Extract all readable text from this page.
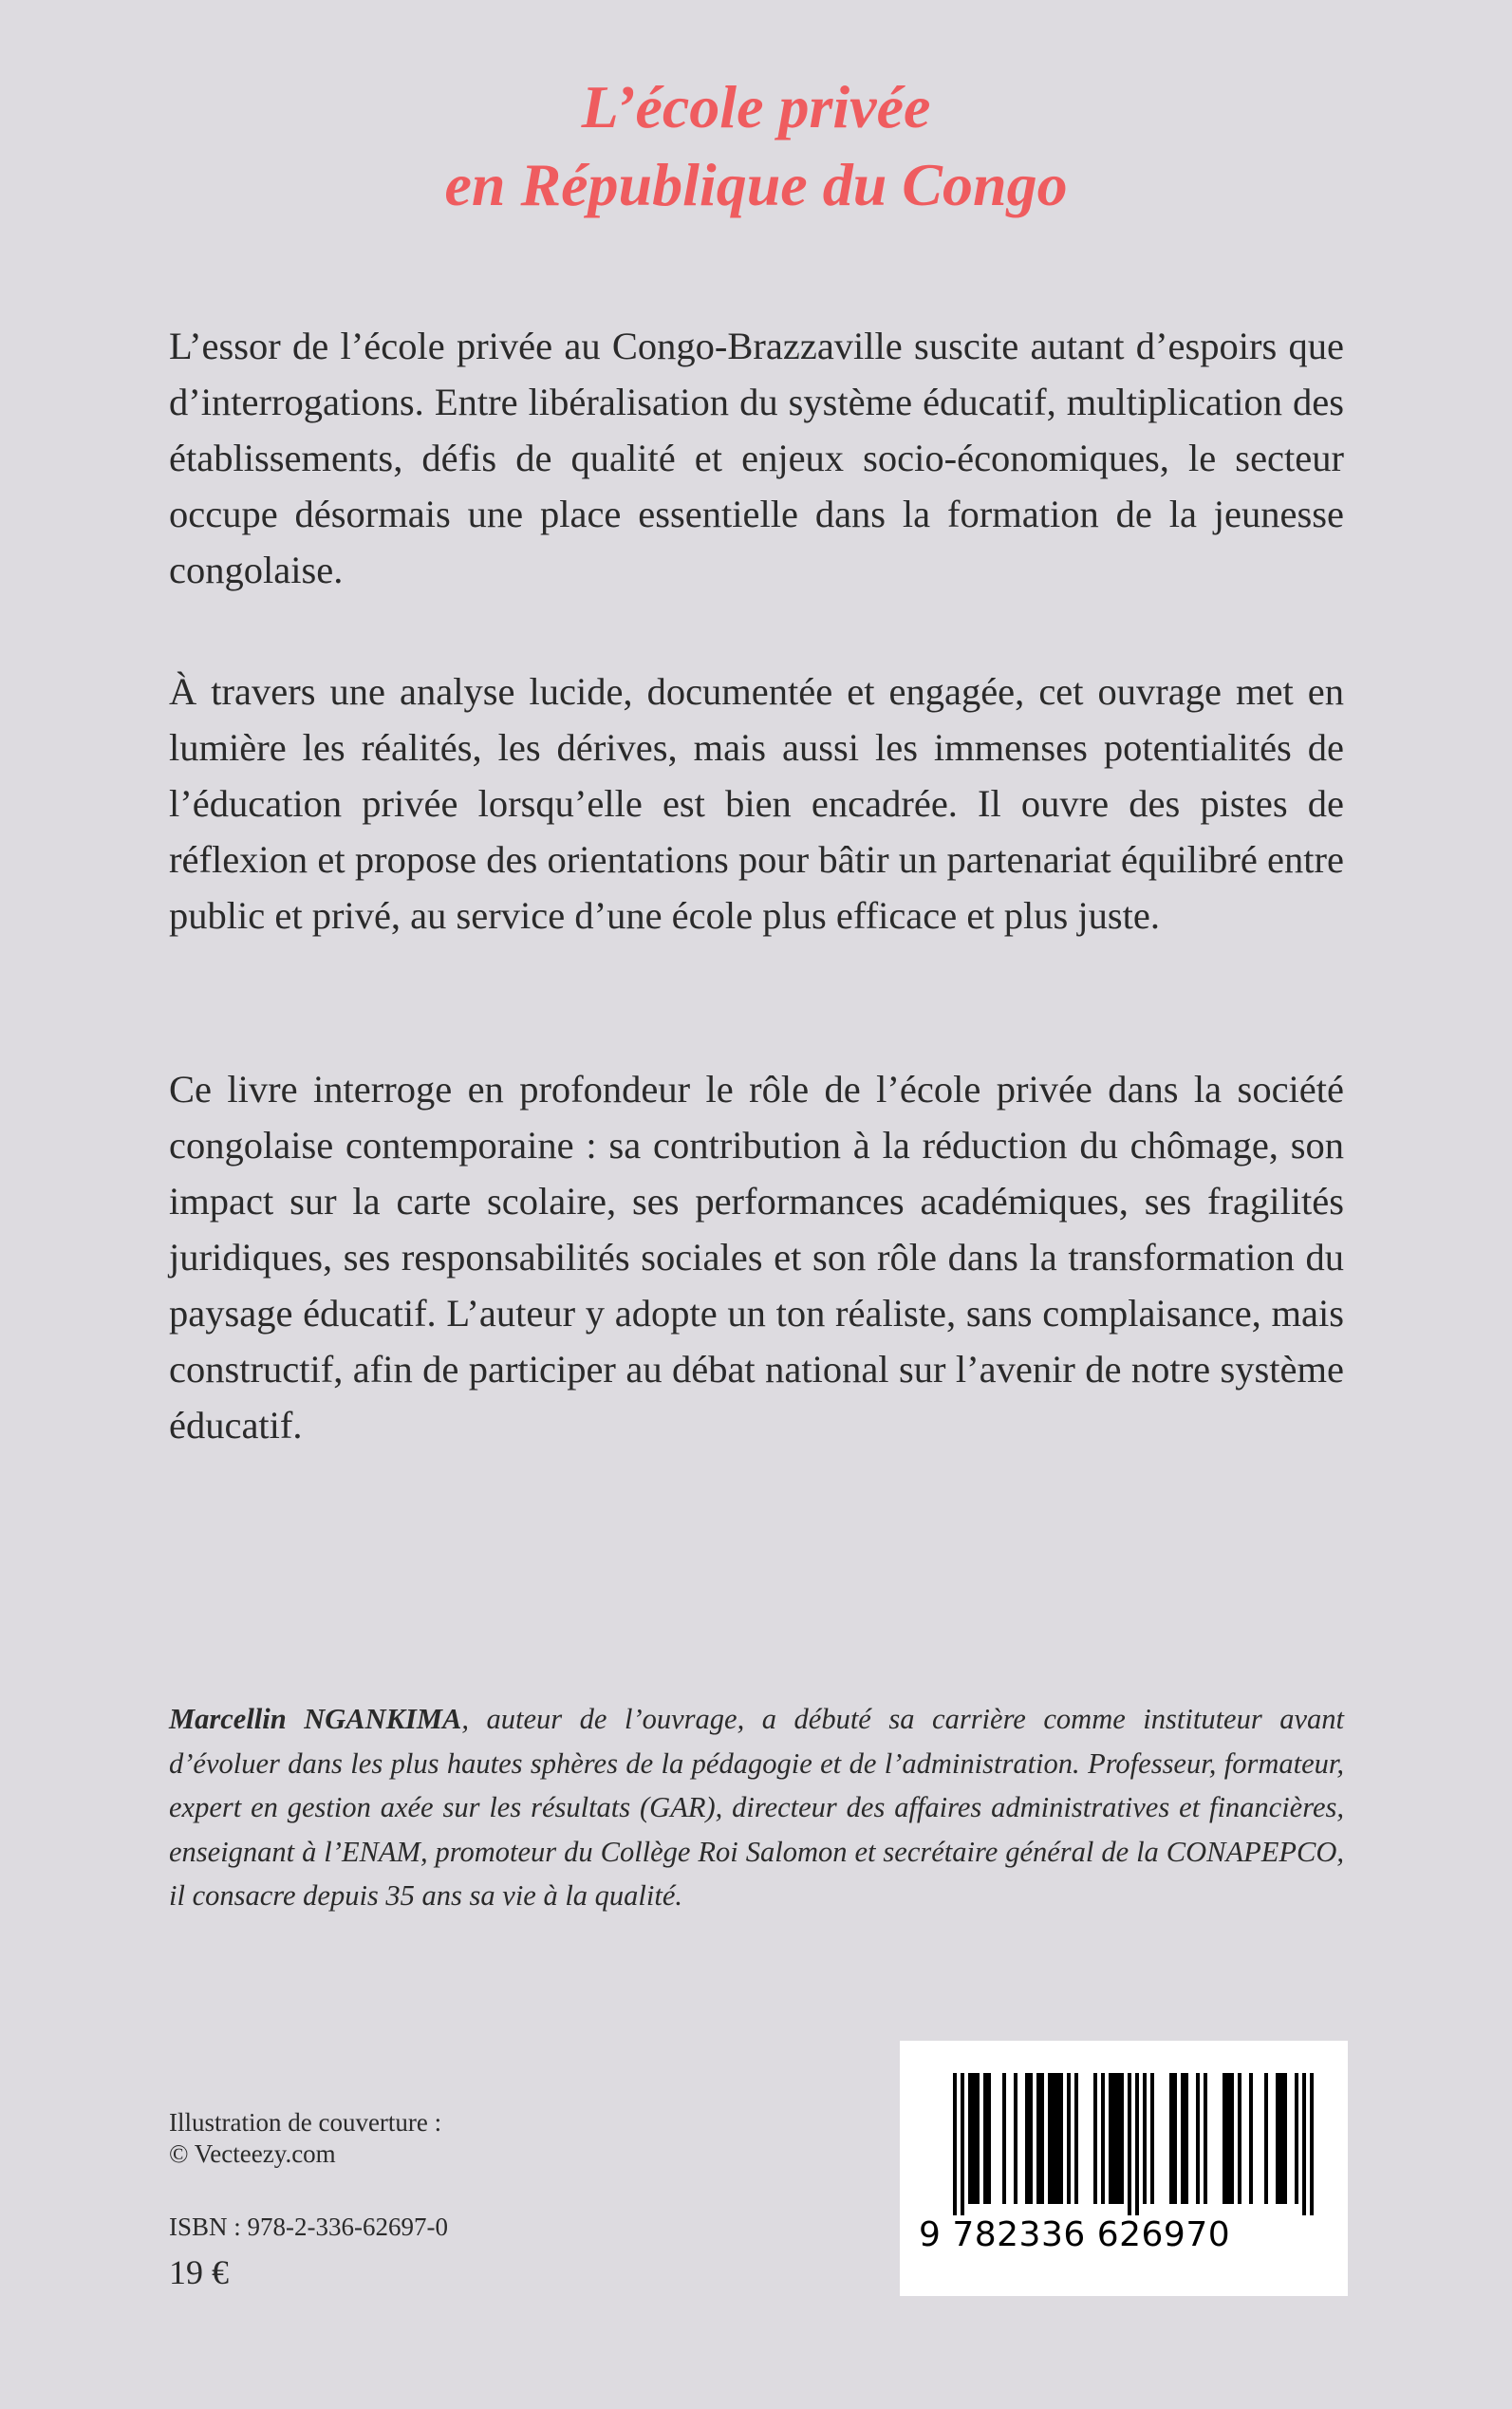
L’école privée
en République du Congo

L’essor de l’école privée au Congo-Brazzaville suscite autant d’espoirs que d’interrogations. Entre libéralisation du système éducatif, multiplication des établissements, défis de qualité et enjeux socio-économiques, le secteur occupe désormais une place essentielle dans la formation de la jeunesse congolaise.

À travers une analyse lucide, documentée et engagée, cet ouvrage met en lumière les réalités, les dérives, mais aussi les immenses potentialités de l’éducation privée lorsqu’elle est bien encadrée. Il ouvre des pistes de réflexion et propose des orientations pour bâtir un partenariat équilibré entre public et privé, au service d’une école plus efficace et plus juste.

Ce livre interroge en profondeur le rôle de l’école privée dans la société congolaise contemporaine : sa contribution à la réduction du chômage, son impact sur la carte scolaire, ses performances académiques, ses fragilités juridiques, ses responsabilités sociales et son rôle dans la transformation du paysage éducatif. L’auteur y adopte un ton réaliste, sans complaisance, mais constructif, afin de participer au débat national sur l’avenir de notre système éducatif.

Marcellin NGANKIMA, auteur de l’ouvrage, a débuté sa carrière comme instituteur avant d’évoluer dans les plus hautes sphères de la pédagogie et de l’administration. Professeur, formateur, expert en gestion axée sur les résultats (GAR), directeur des affaires administratives et financières, enseignant à l’ENAM, promoteur du Collège Roi Salomon et secrétaire général de la CONAPEPCO, il consacre depuis 35 ans sa vie à la qualité.
Illustration de couverture :
© Vecteezy.com
ISBN : 978-2-336-62697-0
19 €
9 782336 626970
